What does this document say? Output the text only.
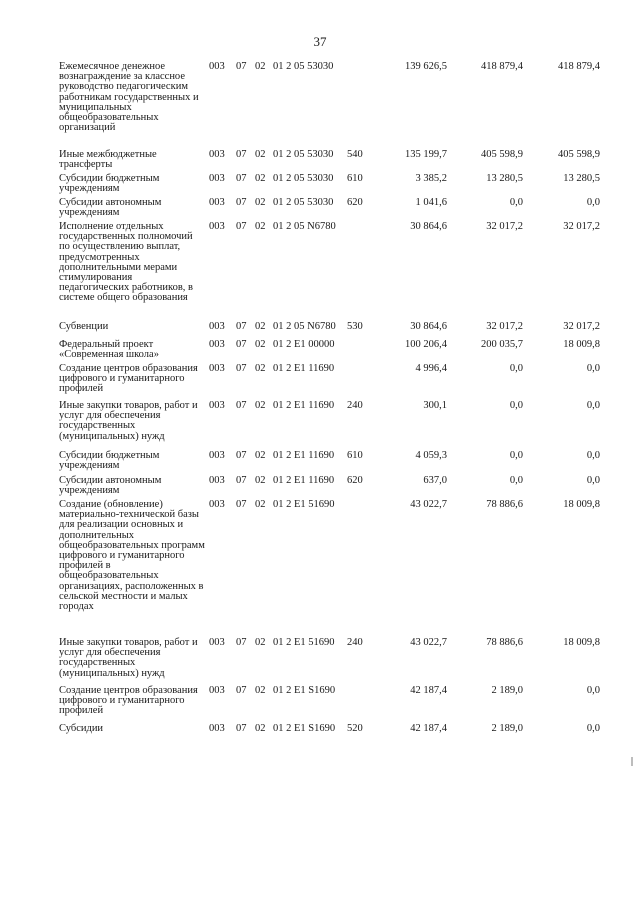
37
Ежемесячное денежное вознаграждение за классное руководство педагогическим работникам государственных и муниципальных общеобразовательных организаций
003 07 02 01 2 05 53030	139 626,5	418 879,4	418 879,4
Иные межбюджетные трансферты
003 07 02 01 2 05 53030 540	135 199,7	405 598,9	405 598,9
Субсидии бюджетным учреждениям
003 07 02 01 2 05 53030 610	3 385,2	13 280,5	13 280,5
Субсидии автономным учреждениям
003 07 02 01 2 05 53030 620	1 041,6	0,0	0,0
Исполнение отдельных государственных полномочий по осуществлению выплат, предусмотренных дополнительными мерами стимулирования педагогических работников, в системе общего образования
003 07 02 01 2 05 N6780	30 864,6	32 017,2	32 017,2
Субвенции	003 07 02 01 2 05 N6780 530	30 864,6	32 017,2	32 017,2
Федеральный проект «Современная школа»
003 07 02 01 2 E1 00000	100 206,4	200 035,7	18 009,8
Создание центров образования цифрового и гуманитарного профилей
003 07 02 01 2 E1 11690	4 996,4	0,0	0,0
Иные закупки товаров, работ и услуг для обеспечения государственных (муниципальных) нужд
003 07 02 01 2 E1 11690 240	300,1	0,0	0,0
Субсидии бюджетным учреждениям
003 07 02 01 2 E1 11690 610	4 059,3	0,0	0,0
Субсидии автономным учреждениям
003 07 02 01 2 E1 11690 620	637,0	0,0	0,0
Создание (обновление) материально-технической базы для реализации основных и дополнительных общеобразовательных программ цифрового и гуманитарного профилей в общеобразовательных организациях, расположенных в сельской местности и малых городах
003 07 02 01 2 E1 51690	43 022,7	78 886,6	18 009,8
Иные закупки товаров, работ и услуг для обеспечения государственных (муниципальных) нужд
003 07 02 01 2 E1 51690 240	43 022,7	78 886,6	18 009,8
Создание центров образования цифрового и гуманитарного профилей
003 07 02 01 2 E1 S1690	42 187,4	2 189,0	0,0
Субсидии	003 07 02 01 2 E1 S1690 520	42 187,4	2 189,0	0,0
